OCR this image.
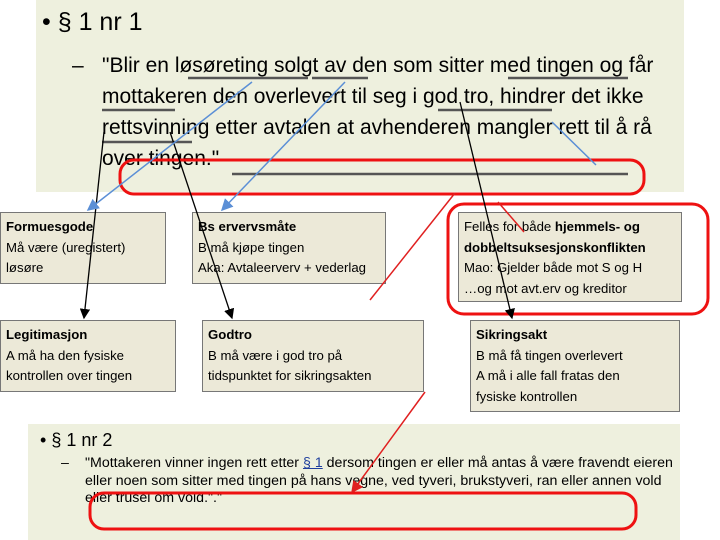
• § 1 nr 1
– "Blir en løsøreting solgt av den som sitter med tingen og får mottakeren den overlevert til seg i god tro, hindrer det ikke rettsvinning etter avtalen at avhenderen mangler rett til å rå over tingen."
Formuesgode
Må være (uregistert)
løsøre
Bs ervervsmåte
B må kjøpe tingen
Aka: Avtaleerverv + vederlag
Felles for både hjemmels- og
dobbeltsuksesjonskonflikten
Mao: Gjelder både mot S og H
…og mot avt.erv og kreditor
Legitimasjon
A må ha den fysiske
kontrollen over tingen
Godtro
B må være i god tro på
tidspunktet for sikringsakten
Sikringsakt
B må få tingen overlevert
A må i alle fall fratas den
fysiske kontrollen
• § 1 nr 2
–	"Mottakeren vinner ingen rett etter § 1 dersom tingen er eller må antas å være fravendt eieren eller noen som sitter med tingen på hans vegne, ved tyveri, brukstyveri, ran eller annen vold eller trusel om vold."."
